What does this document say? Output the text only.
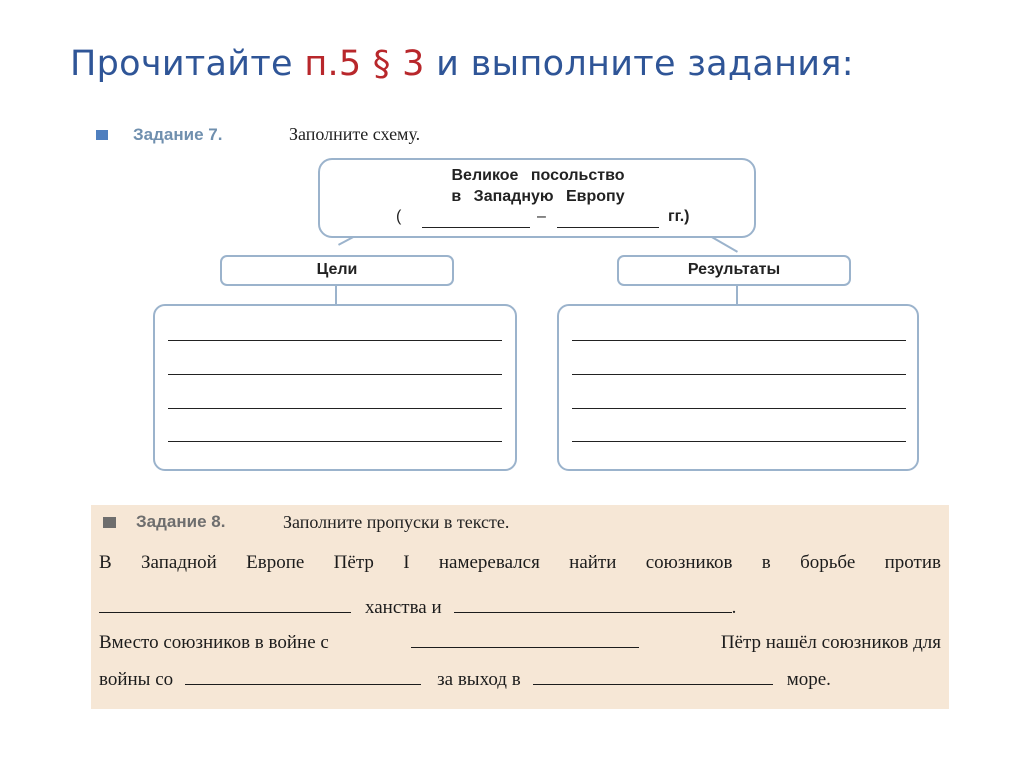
Прочитайте п.5 § 3 и выполните задания:
Задание 7.	Заполните схему.
Великое посольство
в Западную Европу
(	–	гг.)
Цели	Результаты
В Западной Европе Пётр I намеревался найти союзников в борьбе против
ханства и	.
Вместо союзников в войне с	Пётр нашёл союзников для
войны со	за выход в	море.
Задание 8.	Заполните пропуски в тексте.
